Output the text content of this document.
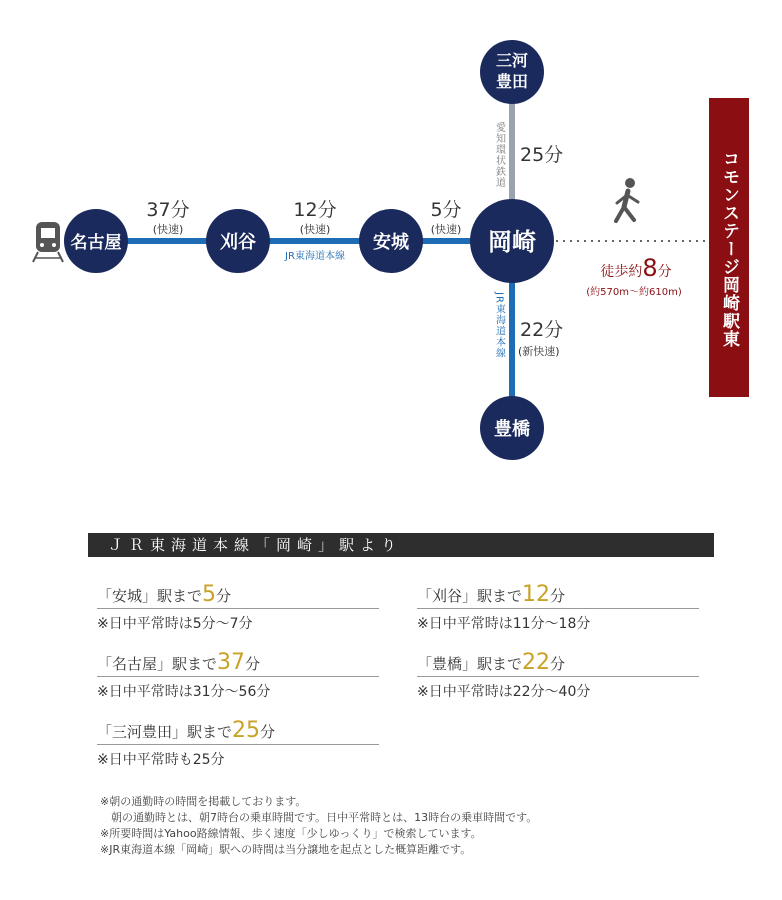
名古屋	刈谷	安城	岡崎
三河
豊田
豊橋
37分
(快速)
12分
(快速)
JR東海道本線
5分
(快速)
25分
愛知環状鉄道
22分
(新快速)
JR東海道本線
徒歩約8分
(約570m～約610m) コモンステージ岡崎駅東
ＪＲ東海道本線「岡崎」駅より
「安城」駅まで5分
※日中平常時は5分～7分
「刈谷」駅まで12分
※日中平常時は11分～18分
「名古屋」駅まで37分
※日中平常時は31分～56分
「豊橋」駅まで22分
※日中平常時は22分～40分
「三河豊田」駅まで25分
※日中平常時も25分
※朝の通勤時の時間を掲載しております。
　朝の通勤時とは、朝7時台の乗車時間です。日中平常時とは、13時台の乗車時間です。
※所要時間はYahoo路線情報、歩く速度「少しゆっくり」で検索しています。
※JR東海道本線「岡崎」駅への時間は当分譲地を起点とした概算距離です。
